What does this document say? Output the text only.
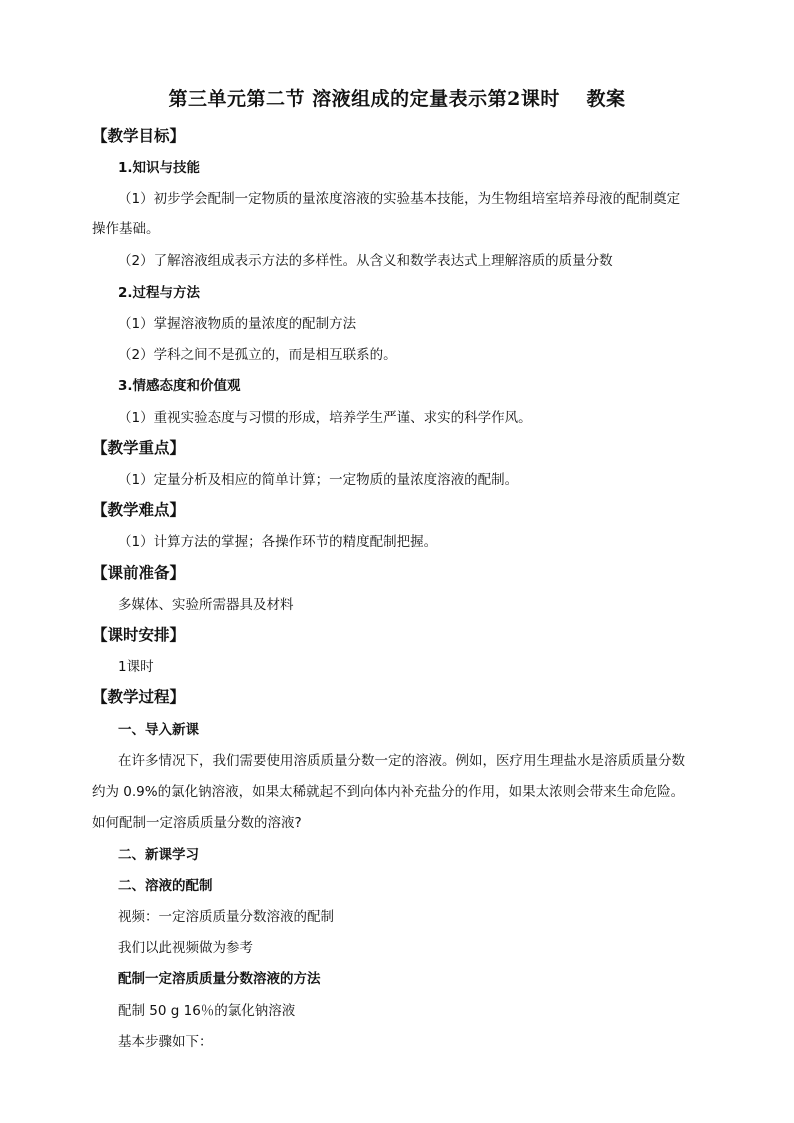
第三单元第二节 溶液组成的定量表示第2课时　 教案
【教学目标】
1.知识与技能
（1）初步学会配制一定物质的量浓度溶液的实验基本技能，为生物组培室培养母液的配制奠定
操作基础。
（2）了解溶液组成表示方法的多样性。从含义和数学表达式上理解溶质的质量分数
2.过程与方法
（1）掌握溶液物质的量浓度的配制方法
（2）学科之间不是孤立的，而是相互联系的。
3.情感态度和价值观
（1）重视实验态度与习惯的形成，培养学生严谨、求实的科学作风。
【教学重点】
（1）定量分析及相应的简单计算；一定物质的量浓度溶液的配制。
【教学难点】
（1）计算方法的掌握；各操作环节的精度配制把握。
【课前准备】
多媒体、实验所需器具及材料
【课时安排】
1课时
【教学过程】
一、导入新课
在许多情况下，我们需要使用溶质质量分数一定的溶液。例如，医疗用生理盐水是溶质质量分数
约为 0.9%的氯化钠溶液，如果太稀就起不到向体内补充盐分的作用，如果太浓则会带来生命危险。
如何配制一定溶质质量分数的溶液?
二、新课学习
二、溶液的配制
视频：一定溶质质量分数溶液的配制
我们以此视频做为参考
配制一定溶质质量分数溶液的方法
配制 50 g 16％的氯化钠溶液
基本步骤如下：
